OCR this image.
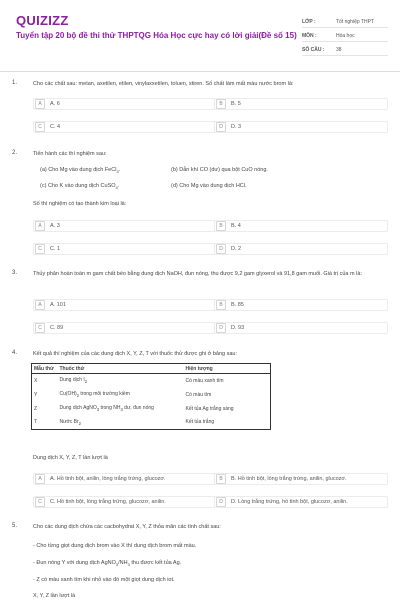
QUIZIZZ
Tuyển tập 20 bộ đề thi thử THPTQG Hóa Học cực hay có lời giải(Đề số 15)
LỚP :	Tốt nghiệp THPT
MÔN :	Hóa học
SỐ CÂU :	38
1.	Cho các chất sau: metan, axetilen, etilen, vinylaxxetilen, toluen, stiren. Số chất làm mất màu nước brom là:
A	A. 6	B	B. 5
C	C. 4	D	D. 3
2.	Tiến hành các thí nghiệm sau:
(a) Cho Mg vào dung dịch FeCl$_3$.	(b) Dẫn khí CO (dư) qua bột CuO nóng.
(c) Cho K vào dung dịch CuSO$_4$.	(d) Cho Mg vào dung dịch HCl.
Số thí nghiệm có tạo thành kim loại là:
A	A. 3	B	B. 4
C	C. 1	D	D. 2
3.	Thủy phân hoàn toàn m gam chất béo bằng dung dịch NaOH, đun nóng, thu được 9,2 gam glyxerol và 91,8 gam muối. Giá trị của m là:
A	A. 101	B	B. 85
C	C. 89	D	D. 93
4.	Kết quả thí nghiệm của các dung dịch X, Y, Z, T với thuốc thử được ghi ở bảng sau:
Mẫu thử	Thuốc thử	Hiện tượng
X	Dung dịch $I_2$	Có màu xanh tím
Y	$Cu(OH)_2$ trong môi trường kiềm	Có màu tím
Z	Dung dịch AgNO$_3$ trong $NH_3$ dư, đun nóng	Kết tủa Ag trắng sáng
T	Nước $Br_2$	Kết tủa trắng
Dung dịch X, Y, Z, T lần lượt là
A	A. Hồ tinh bột, anilin, lòng trắng trứng, glucozơ.	B	B. Hồ tinh bột, lòng trắng trứng, anilin, glucozơ.
C	C. Hồ tinh bột, lòng trắng trứng, glucozơ, anilin.	D	D. Lòng trắng trứng, hồ tinh bột, glucozơ, anilin.
5.	Cho các dung dịch chứa các cacbohydrat X, Y, Z thỏa mãn các tính chất sau:
- Cho từng giọt dung dịch brom vào X thì dung dịch brom mất màu.
- Đun nóng Y với dung dịch $AgNO_3/NH_3$ thu được kết tủa Ag.
- Z có màu xanh tím khi nhỏ vào đó một giọt dung dịch iot.
X, Y, Z lần lượt là
